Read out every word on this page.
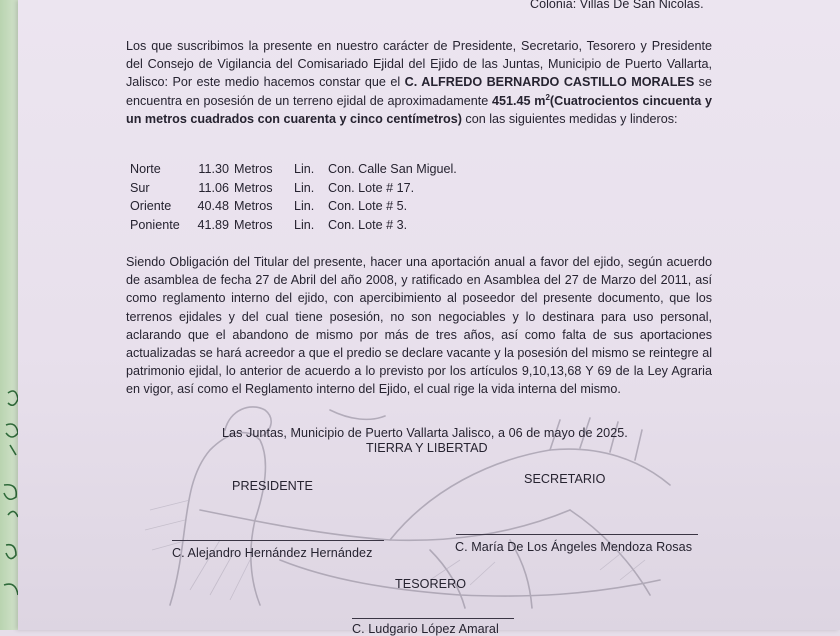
Colonia: Villas De San Nicolas.

Los que suscribimos la presente en nuestro carácter de Presidente, Secretario, Tesorero y Presidente del Consejo de Vigilancia del Comisariado Ejidal del Ejido de las Juntas, Municipio de Puerto Vallarta, Jalisco: Por este medio hacemos constar que el C. ALFREDO BERNARDO CASTILLO MORALES se encuentra en posesión de un terreno ejidal de aproximadamente 451.45 $m^2(Cuatrocientos$ cincuenta y un metros cuadrados con cuarenta y cinco centímetros) con las siguientes medidas y linderos:

Norte	11.30	Metros	Lin.	Con. Calle San Miguel.
Sur	11.06	Metros	Lin.	Con. Lote # 17.
Oriente	40.48	Metros	Lin.	Con. Lote # 5.
Poniente	41.89	Metros	Lin.	Con. Lote # 3.

Siendo Obligación del Titular del presente, hacer una aportación anual a favor del ejido, según acuerdo de asamblea de fecha 27 de Abril del año 2008, y ratificado en Asamblea del 27 de Marzo del 2011, así como reglamento interno del ejido, con apercibimiento al poseedor del presente documento, que los terrenos ejidales y del cual tiene posesión, no son negociables y lo destinara para uso personal, aclarando que el abandono de mismo por más de tres años, así como falta de sus aportaciones actualizadas se hará acreedor a que el predio se declare vacante y la posesión del mismo se reintegre al patrimonio ejidal, lo anterior de acuerdo a lo previsto por los artículos 9,10,13,68 Y 69 de la Ley Agraria en vigor, así como el Reglamento interno del Ejido, el cual rige la vida interna del mismo.

Las Juntas, Municipio de Puerto Vallarta Jalisco, a 06 de mayo de 2025.
TIERRA Y LIBERTAD
PRESIDENTE	SECRETARIO
C. Alejandro Hernández Hernández	C. María De Los Ángeles Mendoza Rosas
TESORERO
C. Ludgario López Amaral
